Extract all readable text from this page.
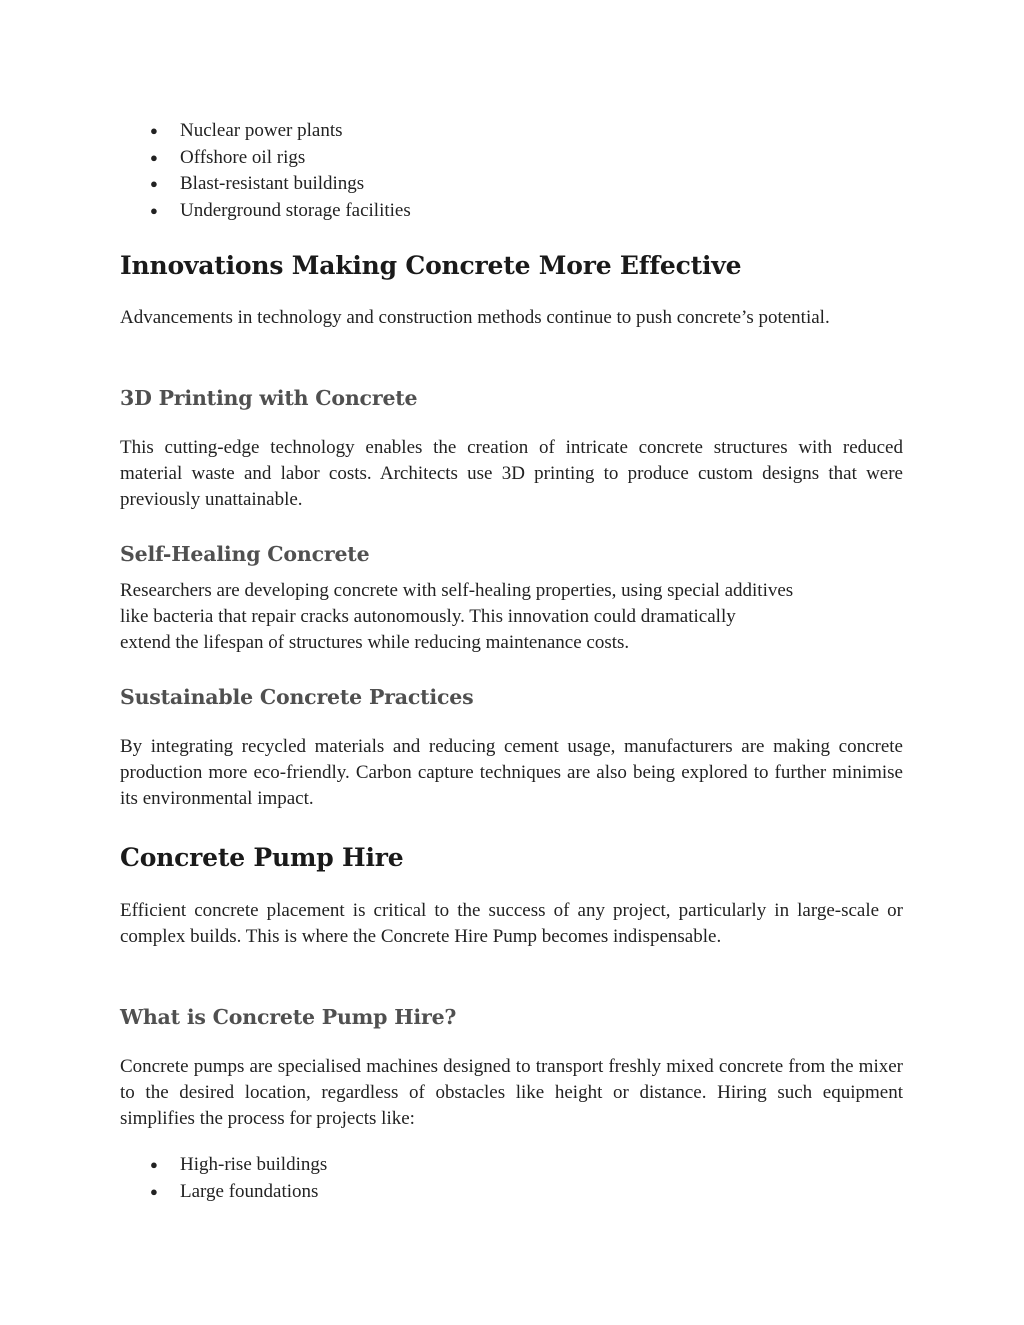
● Nuclear power plants
● Offshore oil rigs
● Blast-resistant buildings
● Underground storage facilities
Innovations Making Concrete More Effective

Advancements in technology and construction methods continue to push concrete’s potential.

3D Printing with Concrete

This cutting-edge technology enables the creation of intricate concrete structures with reduced material waste and labor costs. Architects use 3D printing to produce custom designs that were previously unattainable.

Self-Healing Concrete

Researchers are developing concrete with self-healing properties, using special additives
like bacteria that repair cracks autonomously. This innovation could dramatically
extend the lifespan of structures while reducing maintenance costs.

Sustainable Concrete Practices

By integrating recycled materials and reducing cement usage, manufacturers are making concrete production more eco-friendly. Carbon capture techniques are also being explored to further minimise its environmental impact.

Concrete Pump Hire

Efficient concrete placement is critical to the success of any project, particularly in large-scale or complex builds. This is where the Concrete Hire Pump becomes indispensable.

What is Concrete Pump Hire?

Concrete pumps are specialised machines designed to transport freshly mixed concrete from the mixer to the desired location, regardless of obstacles like height or distance. Hiring such equipment simplifies the process for projects like:

● High-rise buildings
● Large foundations
